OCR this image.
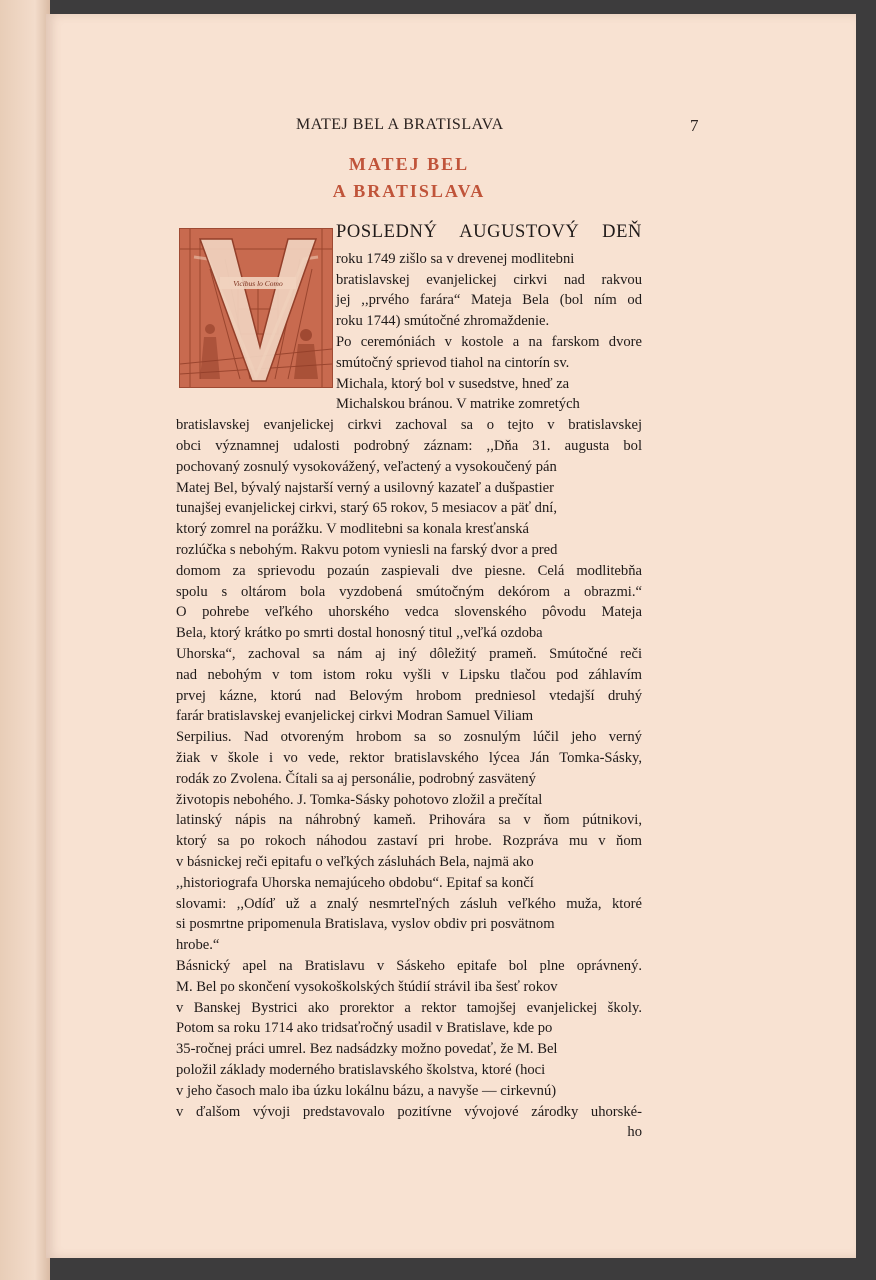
MATEJ BEL A BRATISLAVA	7
MATEJ BEL
A BRATISLAVA
Vicibus lo Como
POSLEDNÝ AUGUSTOVÝ DEŇ
roku 1749 zišlo sa v drevenej modlitebni
bratislavskej evanjelickej cirkvi nad rakvou
jej ,,prvého farára“ Mateja Bela (bol ním od
roku 1744) smútočné zhromaždenie.
Po ceremóniách v kostole a na farskom dvore
smútočný sprievod tiahol na cintorín sv.
Michala, ktorý bol v susedstve, hneď za
Michalskou bránou. V matrike zomretých
bratislavskej evanjelickej cirkvi zachoval sa o tejto v bratislavskej
obci významnej udalosti podrobný záznam: ,,Dňa 31. augusta bol
pochovaný zosnulý vysokovážený, veľactený a vysokoučený pán
Matej Bel, bývalý najstarší verný a usilovný kazateľ a dušpastier
tunajšej evanjelickej cirkvi, starý 65 rokov, 5 mesiacov a päť dní,
ktorý zomrel na porážku. V modlitebni sa konala kresťanská
rozlúčka s nebohým. Rakvu potom vyniesli na farský dvor a pred
domom za sprievodu pozaún zaspievali dve piesne. Celá modlitebňa
spolu s oltárom bola vyzdobená smútočným dekórom a obrazmi.“
O pohrebe veľkého uhorského vedca slovenského pôvodu Mateja
Bela, ktorý krátko po smrti dostal honosný titul ,,veľká ozdoba
Uhorska“, zachoval sa nám aj iný dôležitý prameň. Smútočné reči
nad nebohým v tom istom roku vyšli v Lipsku tlačou pod záhlavím
prvej kázne, ktorú nad Belovým hrobom predniesol vtedajší druhý
farár bratislavskej evanjelickej cirkvi Modran Samuel Viliam
Serpilius. Nad otvoreným hrobom sa so zosnulým lúčil jeho verný
žiak v škole i vo vede, rektor bratislavského lýcea Ján Tomka-Sásky,
rodák zo Zvolena. Čítali sa aj personálie, podrobný zasvätený
životopis nebohého. J. Tomka-Sásky pohotovo zložil a prečítal
latinský nápis na náhrobný kameň. Prihovára sa v ňom pútnikovi,
ktorý sa po rokoch náhodou zastaví pri hrobe. Rozpráva mu v ňom
v básnickej reči epitafu o veľkých zásluhách Bela, najmä ako
,,historiografa Uhorska nemajúceho obdobu“. Epitaf sa končí
slovami: ,,Odíď už a znalý nesmrteľných zásluh veľkého muža, ktoré
si posmrtne pripomenula Bratislava, vyslov obdiv pri posvätnom
hrobe.“
Básnický apel na Bratislavu v Sáskeho epitafe bol plne oprávnený.
M. Bel po skončení vysokoškolských štúdií strávil iba šesť rokov
v Banskej Bystrici ako prorektor a rektor tamojšej evanjelickej školy.
Potom sa roku 1714 ako tridsaťročný usadil v Bratislave, kde po
35-ročnej práci umrel. Bez nadsádzky možno povedať, že M. Bel
položil základy moderného bratislavského školstva, ktoré (hoci
v jeho časoch malo iba úzku lokálnu bázu, a navyše — cirkevnú)
v ďalšom vývoji predstavovalo pozitívne vývojové zárodky uhorské-
ho
